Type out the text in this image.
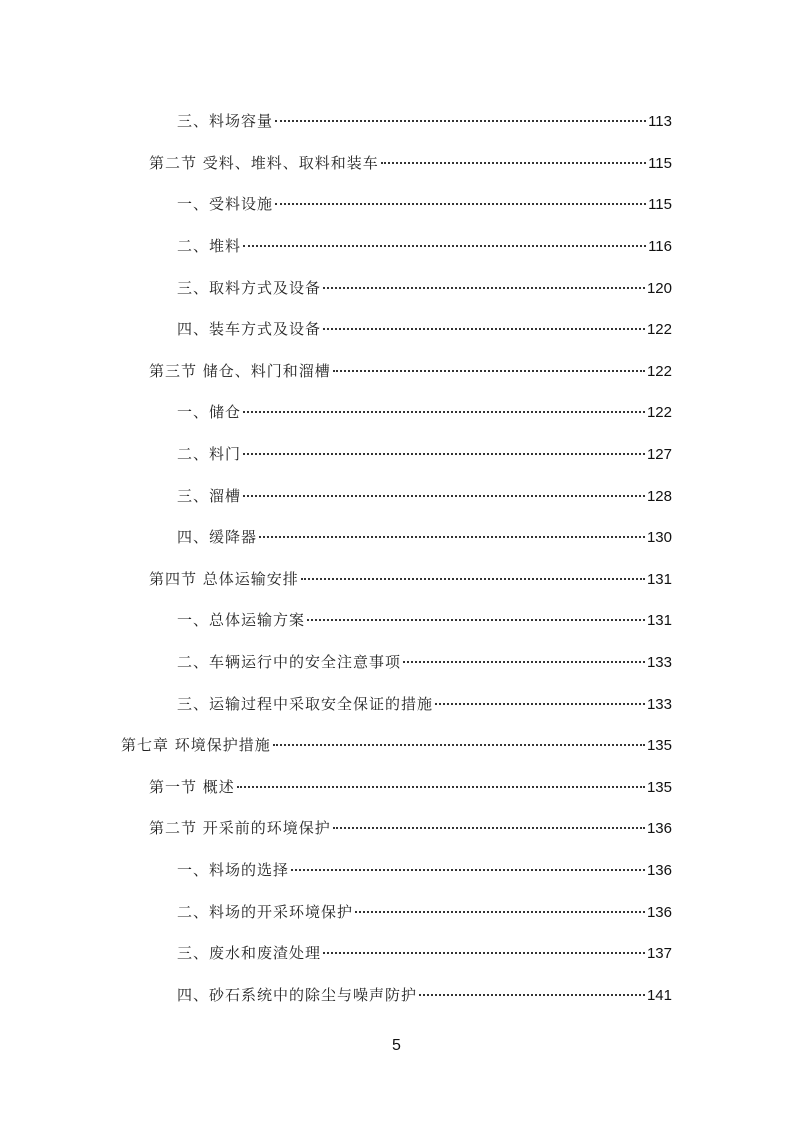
三、料场容量	113
第二节 受料、堆料、取料和装车	115
一、受料设施	115
二、堆料	116
三、取料方式及设备	120
四、装车方式及设备	122
第三节 储仓、料门和溜槽	122
一、储仓	122
二、料门	127
三、溜槽	128
四、缓降器	130
第四节 总体运输安排	131
一、总体运输方案	131
二、车辆运行中的安全注意事项	133
三、运输过程中采取安全保证的措施	133
第七章 环境保护措施	135
第一节 概述	135
第二节 开采前的环境保护	136
一、料场的选择	136
二、料场的开采环境保护	136
三、废水和废渣处理	137
四、砂石系统中的除尘与噪声防护	141
5
